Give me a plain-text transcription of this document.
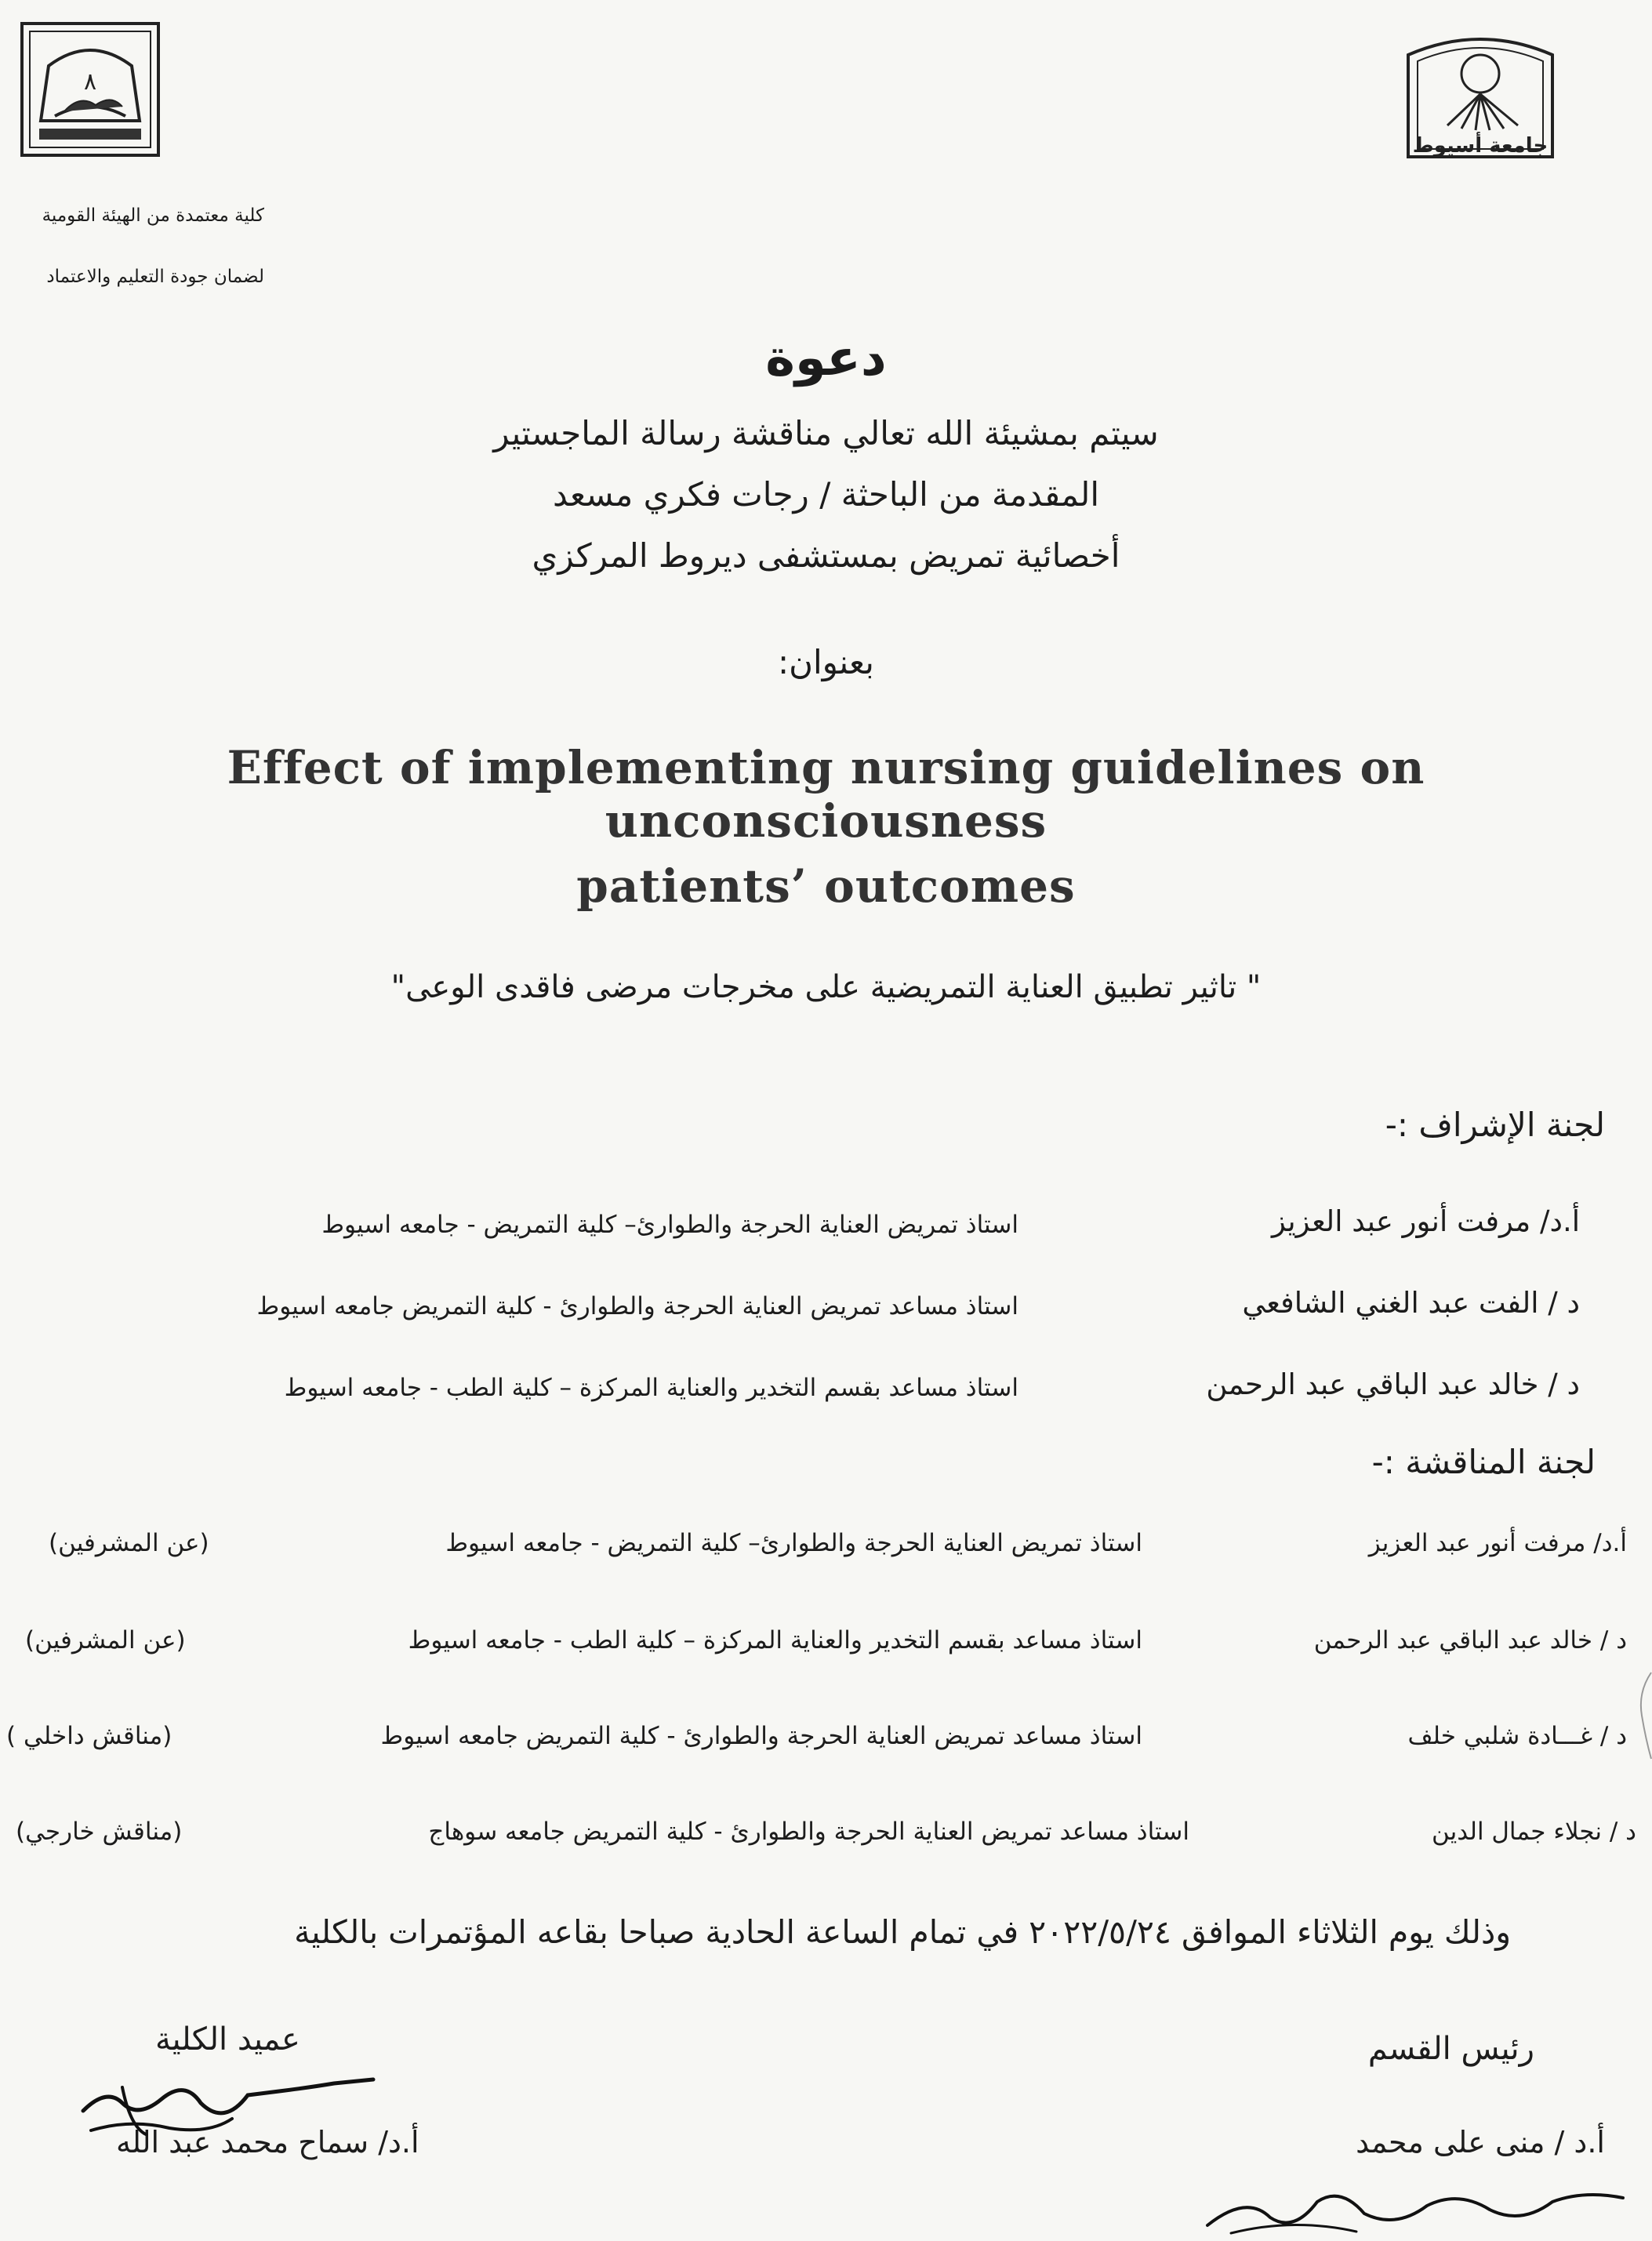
٨
جامعة أسيوط
كلية معتمدة من الهيئة القومية
لضمان جودة التعليم والاعتماد
دعوة
سيتم بمشيئة الله تعالي مناقشة رسالة الماجستير
المقدمة من الباحثة / رجات فكري مسعد
أخصائية تمريض بمستشفى ديروط المركزي
بعنوان:
Effect of implementing nursing guidelines on unconsciousness
patients’ outcomes
" تاثير تطبيق العناية التمريضية على مخرجات مرضى فاقدى الوعى"
لجنة الإشراف :-
أ.د/ مرفت أنور عبد العزيز
استاذ تمريض العناية الحرجة والطوارئ– كلية التمريض - جامعه اسيوط
د / الفت عبد الغني الشافعي
استاذ مساعد تمريض العناية الحرجة والطوارئ - كلية التمريض جامعه اسيوط
د / خالد عبد الباقي عبد الرحمن
استاذ مساعد بقسم التخدير والعناية المركزة – كلية الطب - جامعه اسيوط
لجنة المناقشة :-
أ.د/ مرفت أنور عبد العزيز
استاذ تمريض العناية الحرجة والطوارئ– كلية التمريض - جامعه اسيوط
(عن المشرفين)
د / خالد عبد الباقي عبد الرحمن
استاذ مساعد بقسم التخدير والعناية المركزة – كلية الطب - جامعه اسيوط
(عن المشرفين)
د / غـــادة شلبي خلف
استاذ مساعد تمريض العناية الحرجة والطوارئ - كلية التمريض جامعه اسيوط
(مناقش داخلي )
د / نجلاء جمال الدين
استاذ مساعد تمريض العناية الحرجة والطوارئ - كلية التمريض جامعه سوهاج
(مناقش خارجي)
وذلك يوم الثلاثاء الموافق ٢٠٢٢/٥/٢٤ في تمام الساعة الحادية صباحا بقاعه المؤتمرات بالكلية
رئيس القسم
أ.د / منى على محمد
عميد الكلية
أ.د/ سماح محمد عبد الله
